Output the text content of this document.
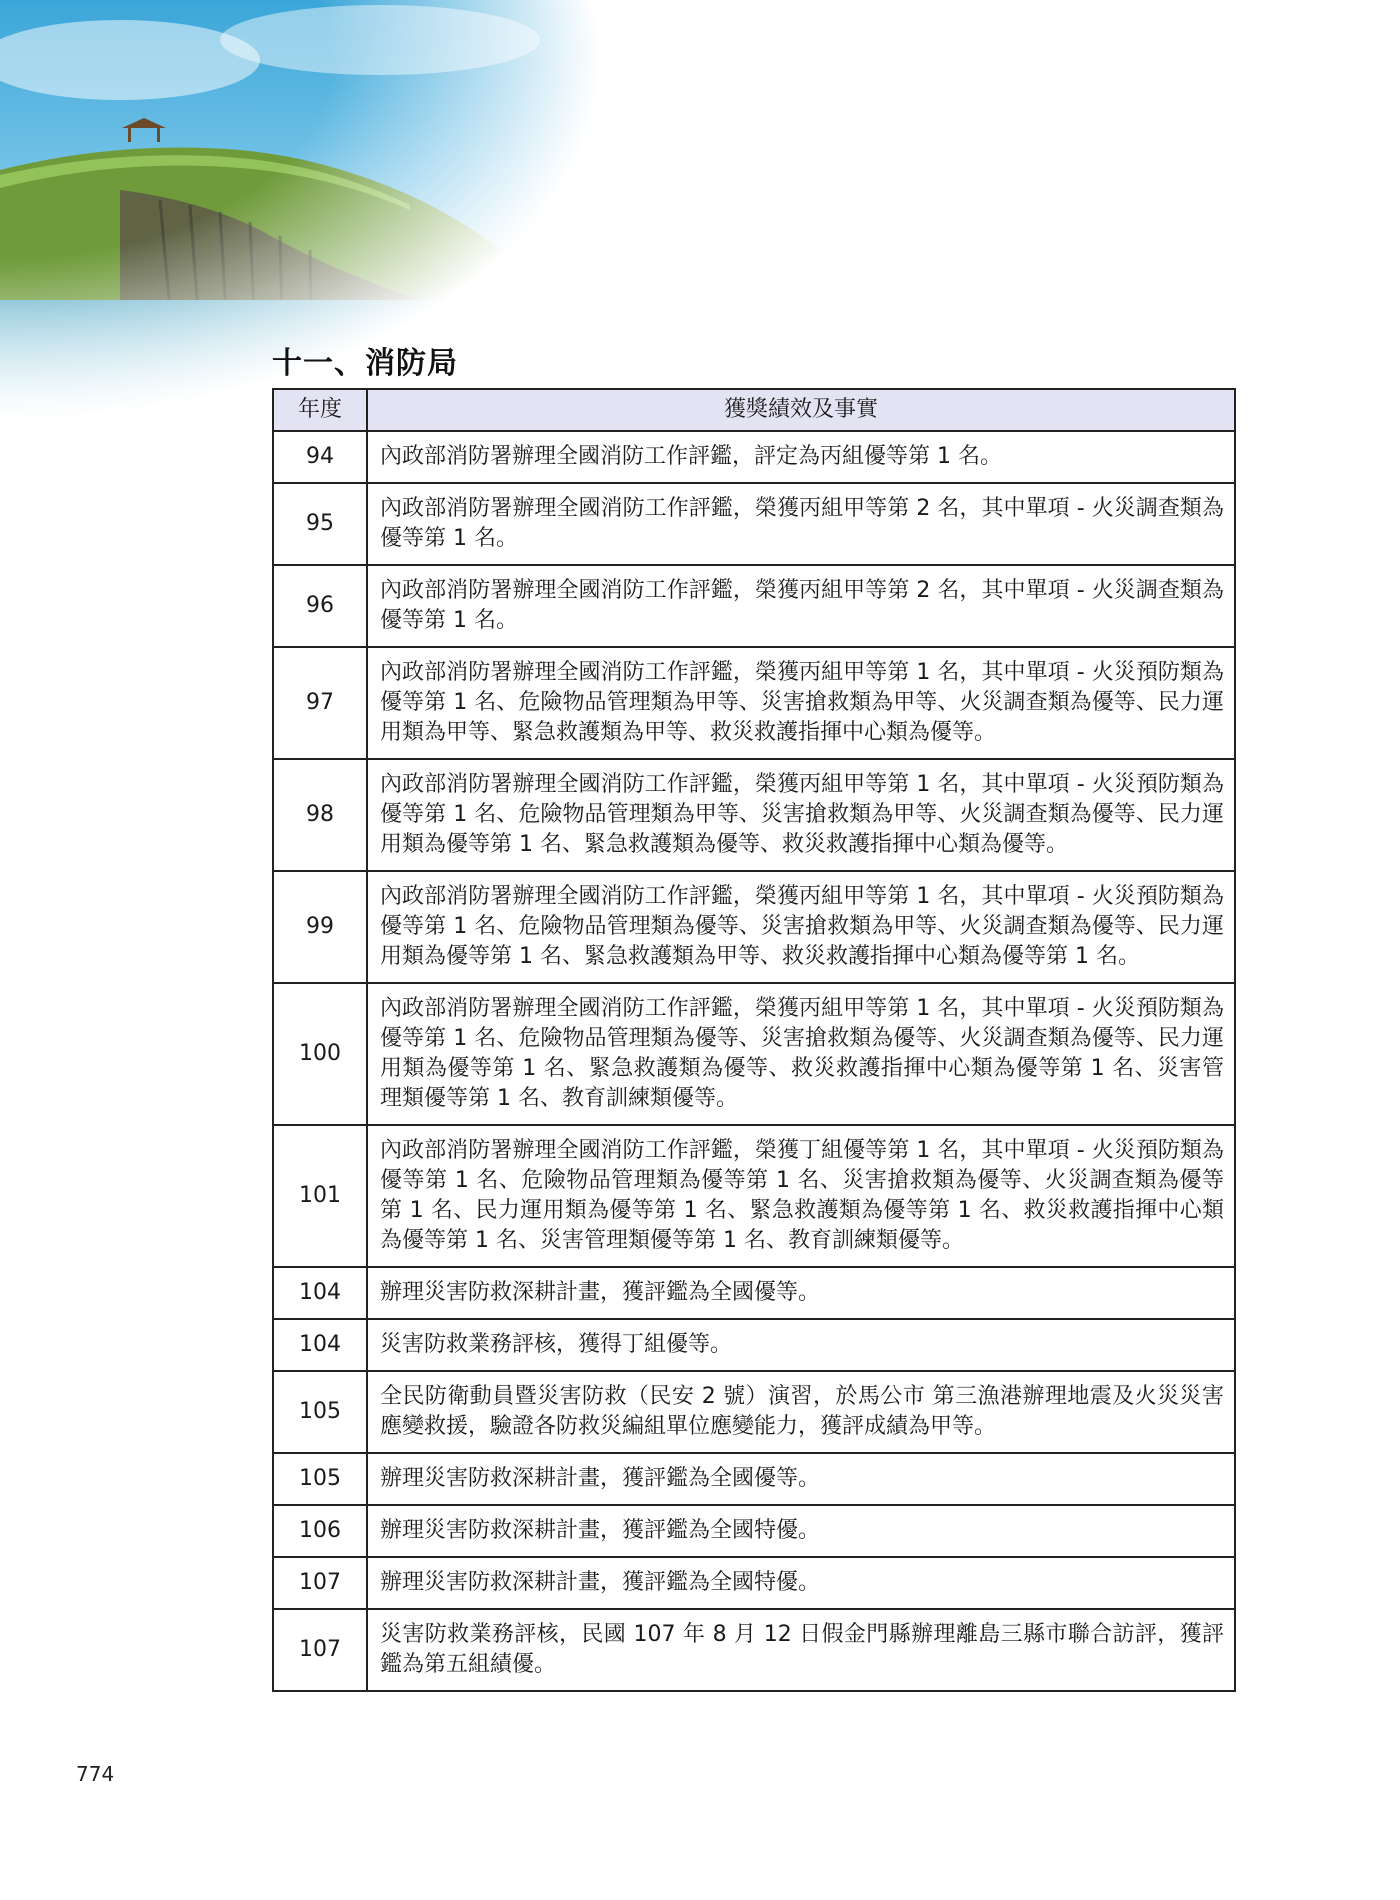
十一、消防局
年度	獲獎績效及事實
94	內政部消防署辦理全國消防工作評鑑，評定為丙組優等第 1 名。
95	內政部消防署辦理全國消防工作評鑑，榮獲丙組甲等第 2 名，其中單項 - 火災調查類為優等第 1 名。
96	內政部消防署辦理全國消防工作評鑑，榮獲丙組甲等第 2 名，其中單項 - 火災調查類為優等第 1 名。
97	內政部消防署辦理全國消防工作評鑑，榮獲丙組甲等第 1 名，其中單項 - 火災預防類為優等第 1 名、危險物品管理類為甲等、災害搶救類為甲等、火災調查類為優等、民力運用類為甲等、緊急救護類為甲等、救災救護指揮中心類為優等。
98	內政部消防署辦理全國消防工作評鑑，榮獲丙組甲等第 1 名，其中單項 - 火災預防類為優等第 1 名、危險物品管理類為甲等、災害搶救類為甲等、火災調查類為優等、民力運用類為優等第 1 名、緊急救護類為優等、救災救護指揮中心類為優等。
99	內政部消防署辦理全國消防工作評鑑，榮獲丙組甲等第 1 名，其中單項 - 火災預防類為優等第 1 名、危險物品管理類為優等、災害搶救類為甲等、火災調查類為優等、民力運用類為優等第 1 名、緊急救護類為甲等、救災救護指揮中心類為優等第 1 名。
100	內政部消防署辦理全國消防工作評鑑，榮獲丙組甲等第 1 名，其中單項 - 火災預防類為優等第 1 名、危險物品管理類為優等、災害搶救類為優等、火災調查類為優等、民力運用類為優等第 1 名、緊急救護類為優等、救災救護指揮中心類為優等第 1 名、災害管理類優等第 1 名、教育訓練類優等。
101	內政部消防署辦理全國消防工作評鑑，榮獲丁組優等第 1 名，其中單項 - 火災預防類為優等第 1 名、危險物品管理類為優等第 1 名、災害搶救類為優等、火災調查類為優等第 1 名、民力運用類為優等第 1 名、緊急救護類為優等第 1 名、救災救護指揮中心類為優等第 1 名、災害管理類優等第 1 名、教育訓練類優等。
104	辦理災害防救深耕計畫，獲評鑑為全國優等。
104	災害防救業務評核，獲得丁組優等。
105	全民防衛動員暨災害防救（民安 2 號）演習，於馬公市 第三漁港辦理地震及火災災害應變救援，驗證各防救災編組單位應變能力，獲評成績為甲等。
105	辦理災害防救深耕計畫，獲評鑑為全國優等。
106	辦理災害防救深耕計畫，獲評鑑為全國特優。
107	辦理災害防救深耕計畫，獲評鑑為全國特優。
107	災害防救業務評核，民國 107 年 8 月 12 日假金門縣辦理離島三縣市聯合訪評，獲評鑑為第五組績優。
774
